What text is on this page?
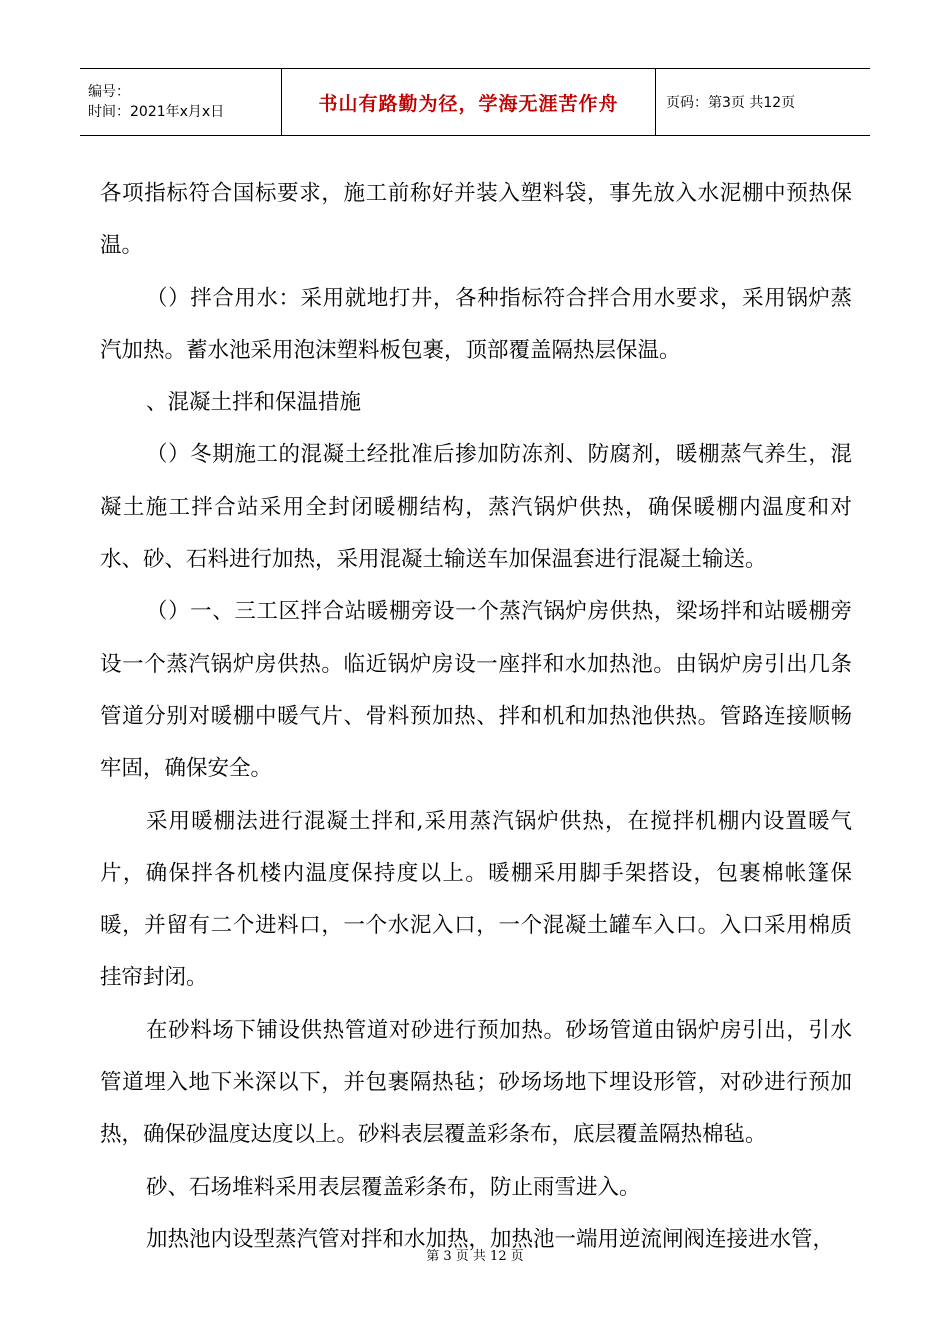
编号：
时间：2021年x月x日	书山有路勤为径，学海无涯苦作舟	页码：第3页 共12页

各项指标符合国标要求，施工前称好并装入塑料袋，事先放入水泥棚中预热保温。

（）拌合用水：采用就地打井，各种指标符合拌合用水要求，采用锅炉蒸汽加热。蓄水池采用泡沫塑料板包裹，顶部覆盖隔热层保温。

、混凝土拌和保温措施

（）冬期施工的混凝土经批准后掺加防冻剂、防腐剂，暖棚蒸气养生，混凝土施工拌合站采用全封闭暖棚结构，蒸汽锅炉供热，确保暖棚内温度和对水、砂、石料进行加热，采用混凝土输送车加保温套进行混凝土输送。

（）一、三工区拌合站暖棚旁设一个蒸汽锅炉房供热，梁场拌和站暖棚旁设一个蒸汽锅炉房供热。临近锅炉房设一座拌和水加热池。由锅炉房引出几条管道分别对暖棚中暖气片、骨料预加热、拌和机和加热池供热。管路连接顺畅牢固，确保安全。

采用暖棚法进行混凝土拌和,采用蒸汽锅炉供热，在搅拌机棚内设置暖气片，确保拌各机楼内温度保持度以上。暖棚采用脚手架搭设，包裹棉帐篷保暖，并留有二个进料口，一个水泥入口，一个混凝土罐车入口。入口采用棉质挂帘封闭。

在砂料场下铺设供热管道对砂进行预加热。砂场管道由锅炉房引出，引水管道埋入地下米深以下，并包裹隔热毡；砂场场地下埋设形管，对砂进行预加热，确保砂温度达度以上。砂料表层覆盖彩条布，底层覆盖隔热棉毡。

砂、石场堆料采用表层覆盖彩条布，防止雨雪进入。

加热池内设型蒸汽管对拌和水加热，加热池一端用逆流闸阀连接进水管，

第 3 页 共 12 页
